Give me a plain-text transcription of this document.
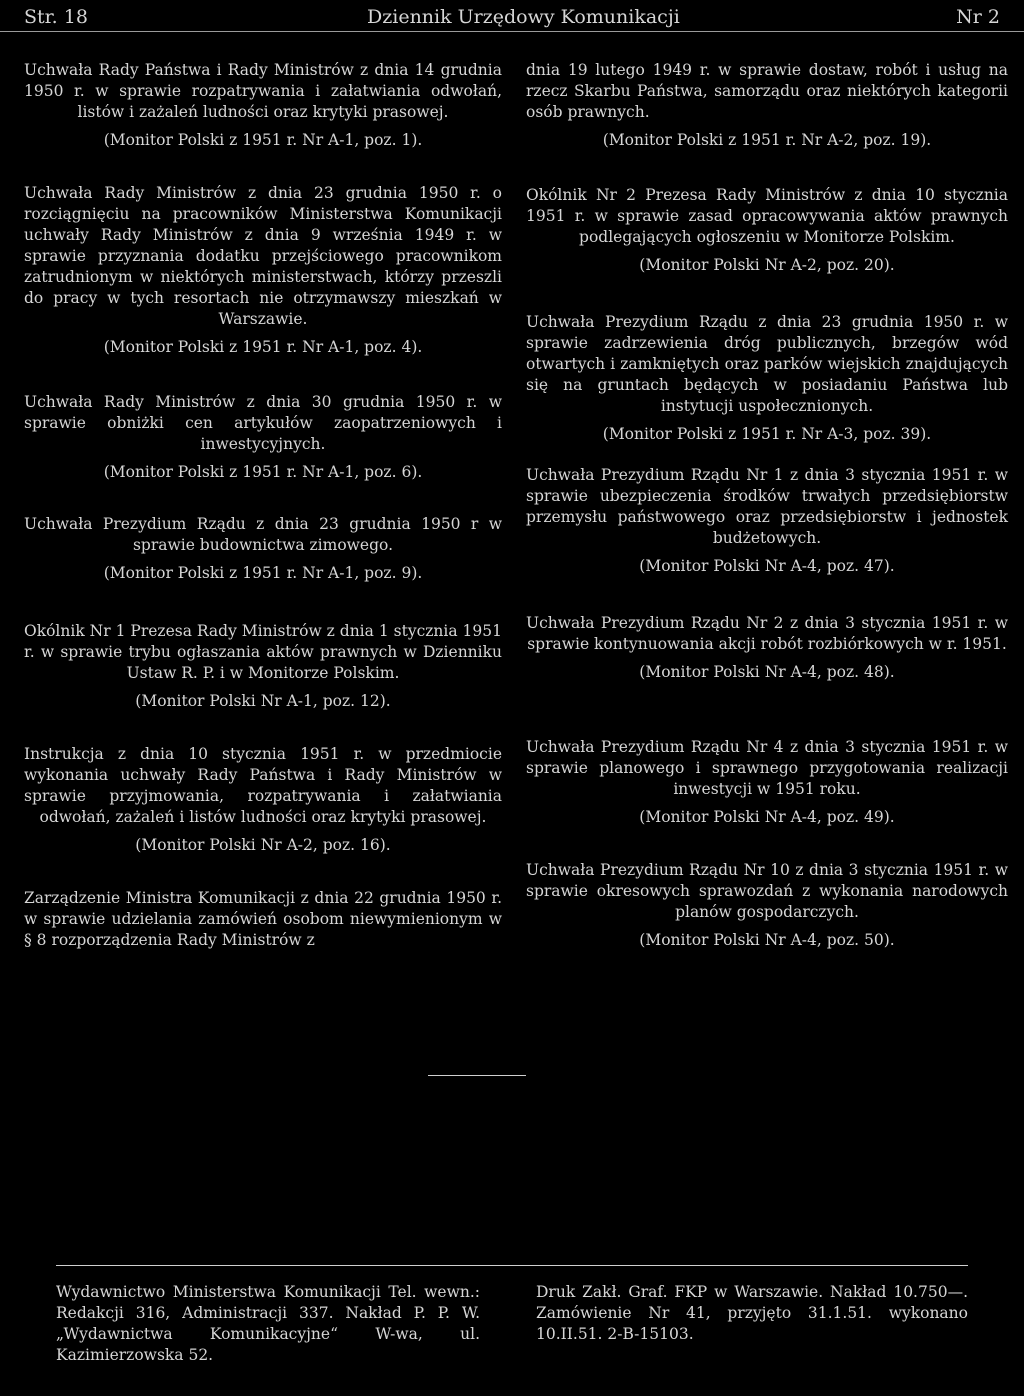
Str. 18	Dziennik Urzędowy Komunikacji	Nr 2

Uchwała Rady Państwa i Rady Ministrów z dnia 14 grudnia 1950 r. w sprawie rozpatrywania i załatwiania odwołań, listów i zażaleń ludności oraz krytyki prasowej.

(Monitor Polski z 1951 r. Nr A-1, poz. 1).

Uchwała Rady Ministrów z dnia 23 grudnia 1950 r. o rozciągnięciu na pracowników Ministerstwa Komunikacji uchwały Rady Ministrów z dnia 9 września 1949 r. w sprawie przyznania dodatku przejściowego pracownikom zatrudnionym w niektórych ministerstwach, którzy przeszli do pracy w tych resortach nie otrzymawszy mieszkań w Warszawie.

(Monitor Polski z 1951 r. Nr A-1, poz. 4).

Uchwała Rady Ministrów z dnia 30 grudnia 1950 r. w sprawie obniżki cen artykułów zaopatrzeniowych i inwestycyjnych.

(Monitor Polski z 1951 r. Nr A-1, poz. 6).

Uchwała Prezydium Rządu z dnia 23 grudnia 1950 r w sprawie budownictwa zimowego.

(Monitor Polski z 1951 r. Nr A-1, poz. 9).

Okólnik Nr 1 Prezesa Rady Ministrów z dnia 1 stycznia 1951 r. w sprawie trybu ogłaszania aktów prawnych w Dzienniku Ustaw R. P. i w Monitorze Polskim.

(Monitor Polski Nr A-1, poz. 12).

Instrukcja z dnia 10 stycznia 1951 r. w przedmiocie wykonania uchwały Rady Państwa i Rady Ministrów w sprawie przyjmowania, rozpatrywania i załatwiania odwołań, zażaleń i listów ludności oraz krytyki prasowej.

(Monitor Polski Nr A-2, poz. 16).

Zarządzenie Ministra Komunikacji z dnia 22 grudnia 1950 r. w sprawie udzielania zamówień osobom niewymienionym w § 8 rozporządzenia Rady Ministrów z

dnia 19 lutego 1949 r. w sprawie dostaw, robót i usług na rzecz Skarbu Państwa, samorządu oraz niektórych kategorii osób prawnych.

(Monitor Polski z 1951 r. Nr A-2, poz. 19).

Okólnik Nr 2 Prezesa Rady Ministrów z dnia 10 stycznia 1951 r. w sprawie zasad opracowywania aktów prawnych podlegających ogłoszeniu w Monitorze Polskim.

(Monitor Polski Nr A-2, poz. 20).

Uchwała Prezydium Rządu z dnia 23 grudnia 1950 r. w sprawie zadrzewienia dróg publicznych, brzegów wód otwartych i zamkniętych oraz parków wiejskich znajdujących się na gruntach będących w posiadaniu Państwa lub instytucji uspołecznionych.

(Monitor Polski z 1951 r. Nr A-3, poz. 39).

Uchwała Prezydium Rządu Nr 1 z dnia 3 stycznia 1951 r. w sprawie ubezpieczenia środków trwałych przedsiębiorstw przemysłu państwowego oraz przedsiębiorstw i jednostek budżetowych.

(Monitor Polski Nr A-4, poz. 47).

Uchwała Prezydium Rządu Nr 2 z dnia 3 stycznia 1951 r. w sprawie kontynuowania akcji robót rozbiórkowych w r. 1951.

(Monitor Polski Nr A-4, poz. 48).

Uchwała Prezydium Rządu Nr 4 z dnia 3 stycznia 1951 r. w sprawie planowego i sprawnego przygotowania realizacji inwestycji w 1951 roku.

(Monitor Polski Nr A-4, poz. 49).

Uchwała Prezydium Rządu Nr 10 z dnia 3 stycznia 1951 r. w sprawie okresowych sprawozdań z wykonania narodowych planów gospodarczych.

(Monitor Polski Nr A-4, poz. 50).

Wydawnictwo Ministerstwa Komunikacji Tel. wewn.: Redakcji 316, Administracji 337. Nakład P. P. W. „Wydawnictwa Komunikacyjne“ W-wa, ul. Kazimierzowska 52.

Druk Zakł. Graf. FKP w Warszawie. Nakład 10.750—. Zamówienie Nr 41, przyjęto 31.1.51. wykonano 10.II.51. 2-B-15103.
